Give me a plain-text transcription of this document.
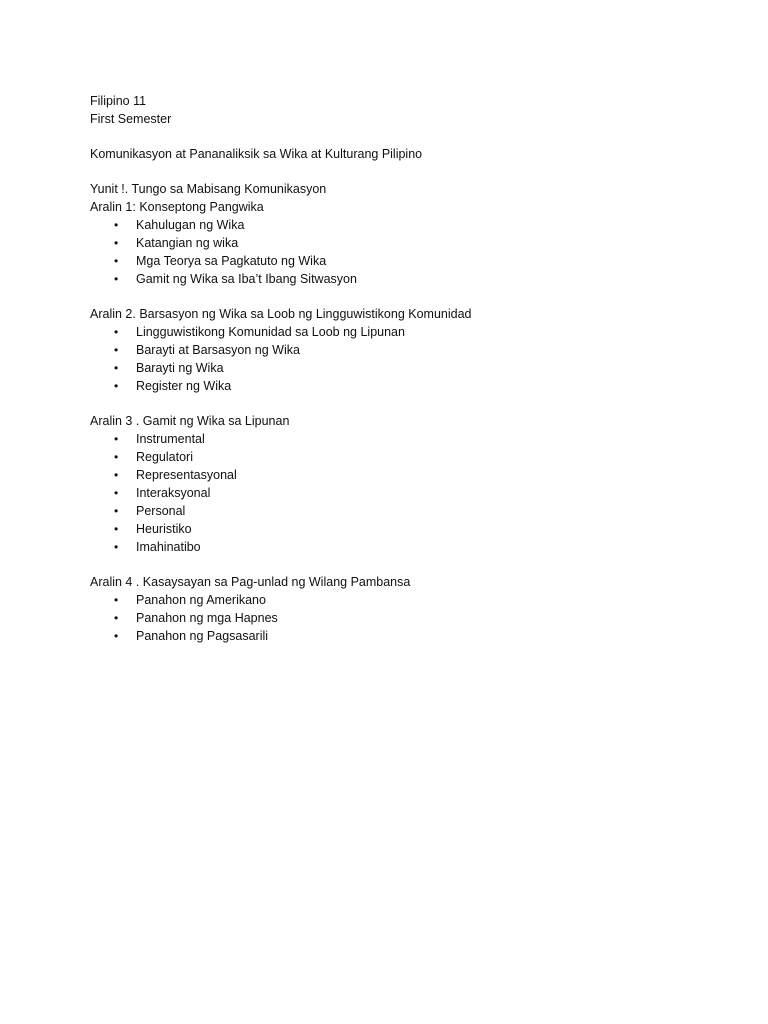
Filipino 11
First Semester
Komunikasyon at Pananaliksik sa Wika at Kulturang Pilipino
Yunit !. Tungo sa Mabisang Komunikasyon
Aralin 1: Konseptong Pangwika
• Kahulugan ng Wika
• Katangian ng wika
• Mga Teorya sa Pagkatuto ng Wika
• Gamit ng Wika sa Iba’t Ibang Sitwasyon
Aralin 2. Barsasyon ng Wika sa Loob ng Lingguwistikong Komunidad
• Lingguwistikong Komunidad sa Loob ng Lipunan
• Barayti at Barsasyon ng Wika
• Barayti ng Wika
• Register ng Wika
Aralin 3 . Gamit ng Wika sa Lipunan
• Instrumental
• Regulatori
• Representasyonal
• Interaksyonal
• Personal
• Heuristiko
• Imahinatibo
Aralin 4 . Kasaysayan sa Pag-unlad ng Wilang Pambansa
• Panahon ng Amerikano
• Panahon ng mga Hapnes
• Panahon ng Pagsasarili
